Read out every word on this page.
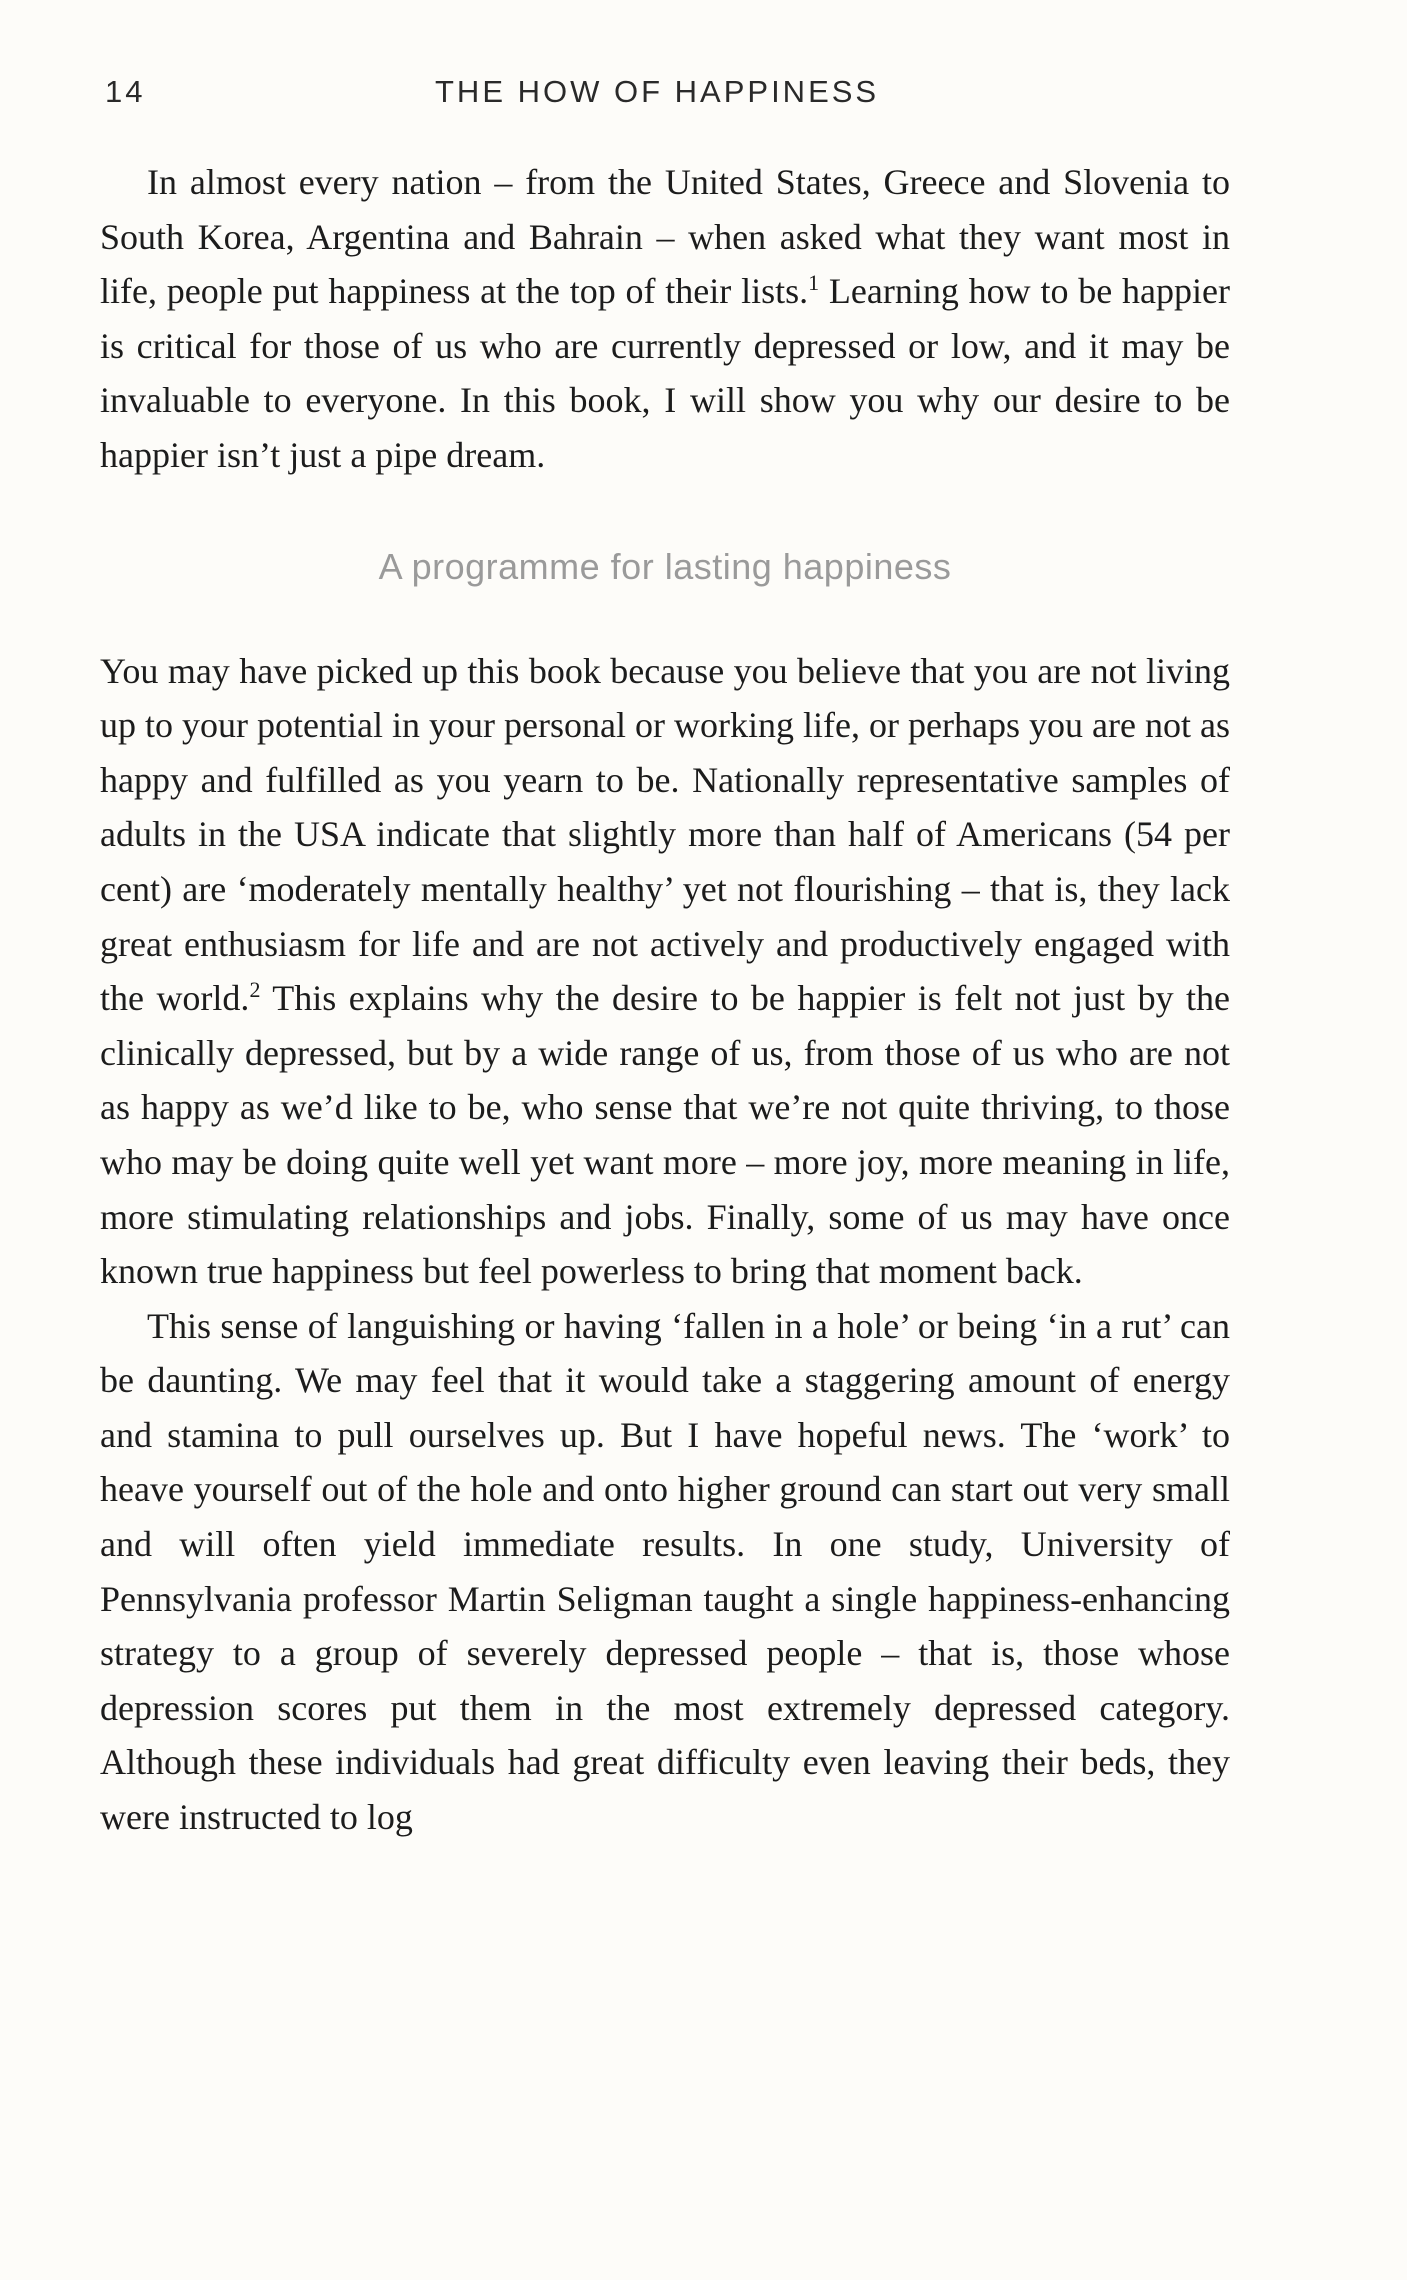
14	THE HOW OF HAPPINESS

In almost every nation – from the United States, Greece and Slovenia to South Korea, Argentina and Bahrain – when asked what they want most in life, people put happiness at the top of their lists.$^1$ Learning how to be happier is critical for those of us who are currently depressed or low, and it may be invaluable to everyone. In this book, I will show you why our desire to be happier isn’t just a pipe dream.

A programme for lasting happiness

You may have picked up this book because you believe that you are not living up to your potential in your personal or working life, or perhaps you are not as happy and fulfilled as you yearn to be. Nationally representative samples of adults in the USA indicate that slightly more than half of Americans (54 per cent) are ‘moderately mentally healthy’ yet not flourishing – that is, they lack great enthusiasm for life and are not actively and productively engaged with the world.$^2$ This explains why the desire to be happier is felt not just by the clinically depressed, but by a wide range of us, from those of us who are not as happy as we’d like to be, who sense that we’re not quite thriving, to those who may be doing quite well yet want more – more joy, more meaning in life, more stimulating relationships and jobs. Finally, some of us may have once known true happiness but feel powerless to bring that moment back.

This sense of languishing or having ‘fallen in a hole’ or being ‘in a rut’ can be daunting. We may feel that it would take a staggering amount of energy and stamina to pull ourselves up. But I have hopeful news. The ‘work’ to heave yourself out of the hole and onto higher ground can start out very small and will often yield immediate results. In one study, University of Pennsylvania professor Martin Seligman taught a single happiness-enhancing strategy to a group of severely depressed people – that is, those whose depression scores put them in the most extremely depressed category. Although these individuals had great difficulty even leaving their beds, they were instructed to log
